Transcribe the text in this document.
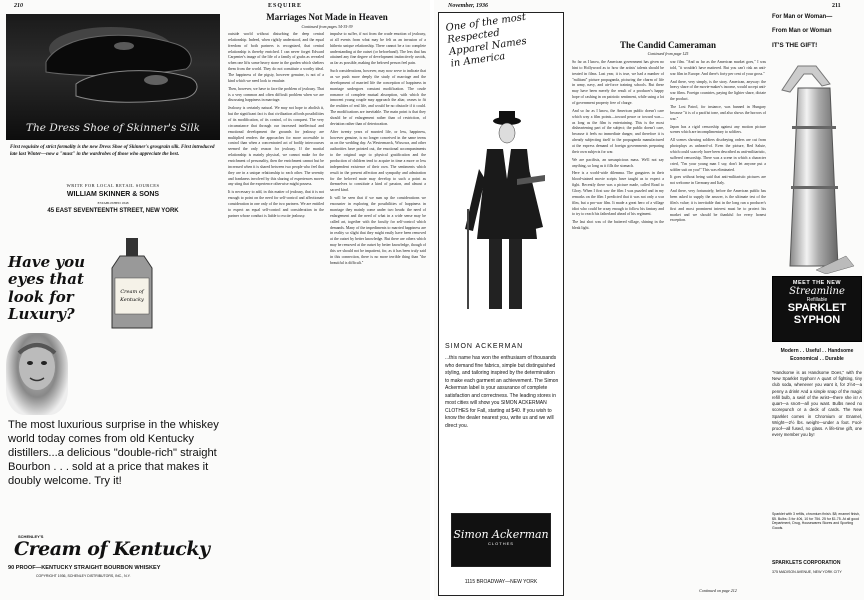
210	ESQUIRE
The Dress Shoe of Skinner's Silk
First requisite of strict formality is the new Dress Shoe of Skinner's grosgrain silk. First introduced late last Winter—now a "must" in the wardrobes of those who appreciate the best.
WRITE FOR LOCAL RETAIL SOURCES
WILLIAM SKINNER & SONS
ESTABLISHED 1848
45 EAST SEVENTEENTH STREET, NEW YORK
Have you eyes that look for Luxury?
Cream of
Kentucky
The most luxurious surprise in the whiskey world today comes from old Kentucky distillers...a delicious "double-rich" straight Bourbon . . . sold at a price that makes it doubly welcome. Try it!
SCHENLEY'S
Cream of Kentucky
90 PROOF—KENTUCKY STRAIGHT BOURBON WHISKEY
COPYRIGHT 1936, SCHENLEY DISTRIBUTORS, INC., N.Y.
Marriages Not Made in Heaven
Continued from pages 34-35-39

outside world without disturbing the deep central relationship. Indeed, when rightly understood, and the equal freedom of both partners is recognized, that central relationship is thereby enriched. I can never forget Edward Carpenter's image of the life of a family of grubs as revealed when one lifts some heavy stone in the garden which shelters them from the world. They do not constitute a worthy ideal. The happiness of the pigsty, however genuine, is not of a kind which we need look to emulate.

Then, however, we have to face the problem of jealousy. That is a very common and often difficult problem when we are discussing happiness in marriage.

Jealousy is certainly natural. We may not hope to abolish it, but the significant fact is that civilization affords possibilities of its modification, of its control, of its conquest. The very circumstance that through our increased intellectual and emotional development the grounds for jealousy are multiplied renders the approaches for more accessible to control than when a concentrated act of bodily intercourses seemed the only reason for jealousy. If the marital relationship is mainly physical, we cannot make for the enrichment of personality, then the enrichment cannot but be increased when it is shared between two people who feel that they are in a unique relationship to each other. The serenity and frankness involved by this sharing of experiences moves any sting that the experience otherwise might possess.

It is necessary to add, in this matter of jealousy, that it is not enough to point on the need for self-control and affectionate consideration in one only of the two partners. We are entitled to expect an equal self-control and consideration in the partner whose conduct is liable to excite jealousy.

impulse to suffer, if not from the crude emotion of jealousy, at all events from what may be felt as an invasion of a hitherto unique relationship. There cannot be a too complete understanding at the outset (or beforehand). The less that has attained any fine degree of development instinctively avoids, as far as possible, making the beloved person feel pain.

Such considerations, however, may now serve to indicate that as we push more deeply the study of marriage and the development of married life the conception of happiness in marriage undergoes constant modification. The crude romance of complete mutual absorption, with which the innocent young couple may approach the altar, ceases to fit the realities of real life, and would be no obstacle if it could. The modifications are inevitable. The main point is that they should be of enlargement rather than of restriction, of deviation rather than of deterioration.

After twenty years of married life, or less, happiness, however genuine, is no longer conceived in the same terms as on the wedding day. As Westermarck, Wissowa, and other authorities have pointed out, the emotional accompaniments to the original urge to physical gratification and the production of children tend to acquire in time a more or less independent existence of their own. The sentiments which result in the present affection and sympathy and admiration for the beloved mate may develop to such a point as themselves to constitute a kind of passion, and almost a sacred kind.

It will be seen that if we sum up the considerations we encounter in exploring the possibilities of happiness in marriage they mainly come under two heads: the need of enlargement and the need of what in a wide sense may be called art, together with the faculty for self-control which demands. Many of the impediments to married happiness are in reality so slight that they might easily have been removed at the outset by better knowledge. But there are others which may be removed at the outset by better knowledge, though of this we should not be impatient, for, as it has been truly said in this connection, there is no more terrible thing than "the beautiful is difficult."

November, 1936	211
One of the most Respected Apparel Names in America
SIMON ACKERMAN
...this name has won the enthusiasm of thousands who demand fine fabrics, simple but distinguished styling, and tailoring inspired by the determination to make each garment an achievement. The Simon Ackerman label is your assurance of complete satisfaction and correctness. The leading stores in most cities will show you SIMON ACKERMAN CLOTHES for Fall, starting at $40. If you wish to know the dealer nearest you, write us and we will direct you.
Simon Ackerman
CLOTHES
1115 BROADWAY—NEW YORK
The Candid Cameraman
Continued from page 125

So far as I know, the American government has given no hint to Hollywood as to how the artists' talents should be treated in films. Last year, it is true, we had a number of "militant" picture propaganda, picturing the charm of life in army, navy, and air-force training schools. But these may have been merely the result of a producer's happy hope of cashing in on patriotic sentiment, while using a lot of government property free of charge.

And so far as I know, the American public doesn't care which way a film points—toward peace or toward war—as long as the film is entertaining. This is the most disheartening part of the subject; the public doesn't care, because it feels no immediate danger, and therefore it is already subjecting itself to the propaganda manufactured at the express demand of foreign governments preparing their own subjects for war.

We are pacifists, an unsuspicious mass. We'll not say anything, so long as it fills the stomach.

Here is a world-wide dilemma. The gangsters in their blood-stained movie scripts have taught us to expect a fight. Recently there was a picture made, called Road to Glory. When I first saw the film I was puzzled and in my remarks on the film I predicted that it was not only a war film, but a pro-war film. It made a great hero of a village idiot who could be crazy enough to follow his fantasy and to try to reach his fatherland ahead of his regiment.

The last shot was of the battered village, shining in the bleak light.

war film. "And as far as the American market goes," I was told, "it wouldn't have mattered. But you can't risk an anti-war film in Europe. And there's forty per cent of your gross."

And there, very simply, is the story. American, anyway: the heavy share of the movie-maker's income, would accept anti-war films. Foreign countries, paying the lighter share, dictate the product.

The Lost Patrol, for instance, was banned in Hungary because "it is of a pacifist tone, and also shows the horrors of war."

Japan has a rigid censorship against any motion picture scenes which are incomplimentary to soldiers.

All scenes showing soldiers disobeying orders are cut from photoplays as unheard-of. Even the picture, Red Salute, which could scarcely have been described as anti-militaristic, suffered censorship. There was a scene in which a character cried, "I'm your young man I say, don't let anyone put a soldier suit on you!" This was eliminated.

It goes without being said that anti-militaristic pictures are not welcome in Germany and Italy.

And there, very fortunately, before the American public has been asked to supply the answer, is the ultimate test of the film's value; it is inevitable that in the long run a producer's first and most prominent interest must be to protect his market and we should be thankful for every honest exception.

Continued on page 212
For Man or Woman—
From Man or Woman
IT'S THE GIFT!
MEET THE NEW
Streamline
Refillable
SPARKLET
SYPHON
Modern . . Useful . . Handsome
Economical . . Durable
"Handsome is as Handsome Does," with the New Sparklet Syphon! A quart of fighting, tiny club soda, whenever you want it, for 2½¢—a penny a drink! And a simple snap of the magic refill bulb, a swirl of the wrist—there she is! A quart—a snort—all you want. Bulbs need no scorepunch or a deck of cards. The New Sparklet comes in Chromium or Enamel, Wright—2½ lbs. weight—under a foot. Fool-proof—all fused, no glass. A life-time gift, one every member you by!
Sparklet with 3 refills, chromium finish. $8; enamel finish, $5. Bulbs: 3 for 40¢, 10 for 75¢. 25 for $1.75. At all good Department, Drug, Housewares Stores and Sporting Goods.
SPARKLETS CORPORATION
375 MADISON AVENUE, NEW YORK CITY
